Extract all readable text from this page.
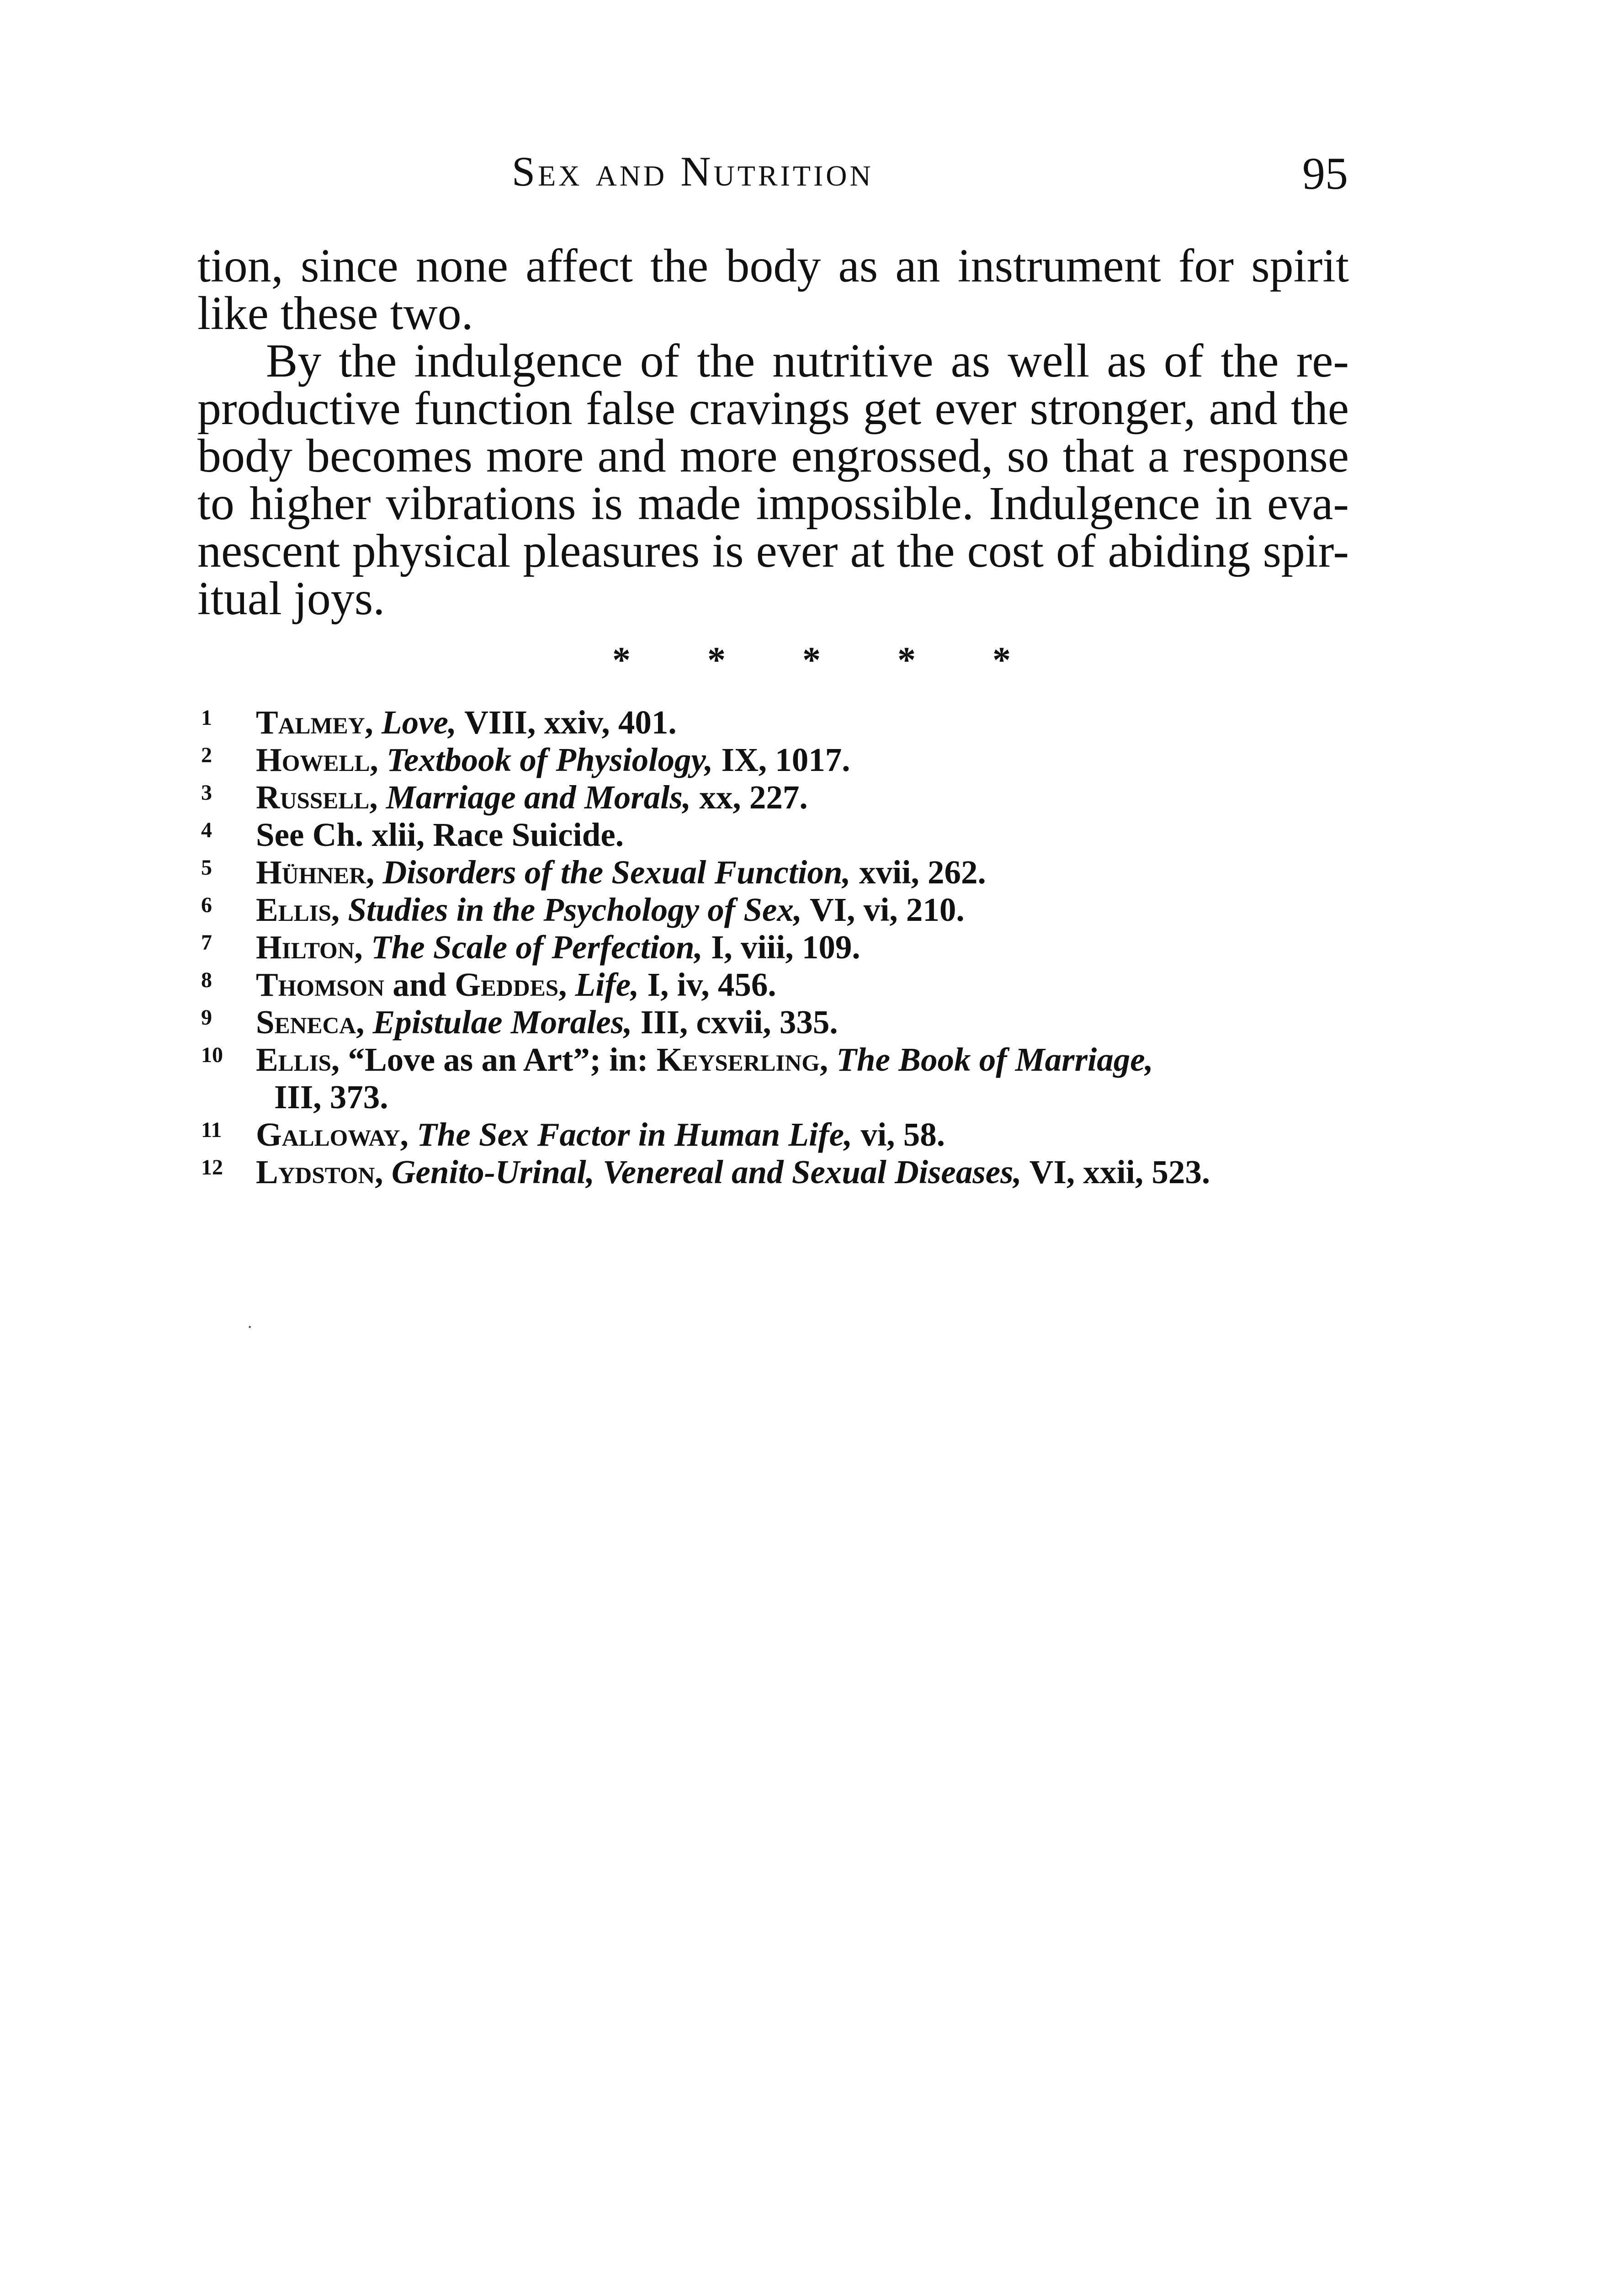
Sex and Nutrition	95

tion, since none affect the body as an instrument for spirit
like these two.

By the indulgence of the nutritive as well as of the re-
productive function false cravings get ever stronger, and the
body becomes more and more engrossed, so that a response
to higher vibrations is made impossible. Indulgence in eva-
nescent physical pleasures is ever at the cost of abiding spir-
itual joys.

* * * * *
1 Talmey, Love, VIII, xxiv, 401.
2 Howell, Textbook of Physiology, IX, 1017.
3 Russell, Marriage and Morals, xx, 227.
4 See Ch. xlii, Race Suicide.
5 Hühner, Disorders of the Sexual Function, xvii, 262.
6 Ellis, Studies in the Psychology of Sex, VI, vi, 210.
7 Hilton, The Scale of Perfection, I, viii, 109.
8 Thomson and Geddes, Life, I, iv, 456.
9 Seneca, Epistulae Morales, III, cxvii, 335.
10 Ellis, “Love as an Art”; in: Keyserling, The Book of Marriage,
III, 373.
11 Galloway, The Sex Factor in Human Life, vi, 58.
12 Lydston, Genito-Urinal, Venereal and Sexual Diseases, VI, xxii, 523.
·
